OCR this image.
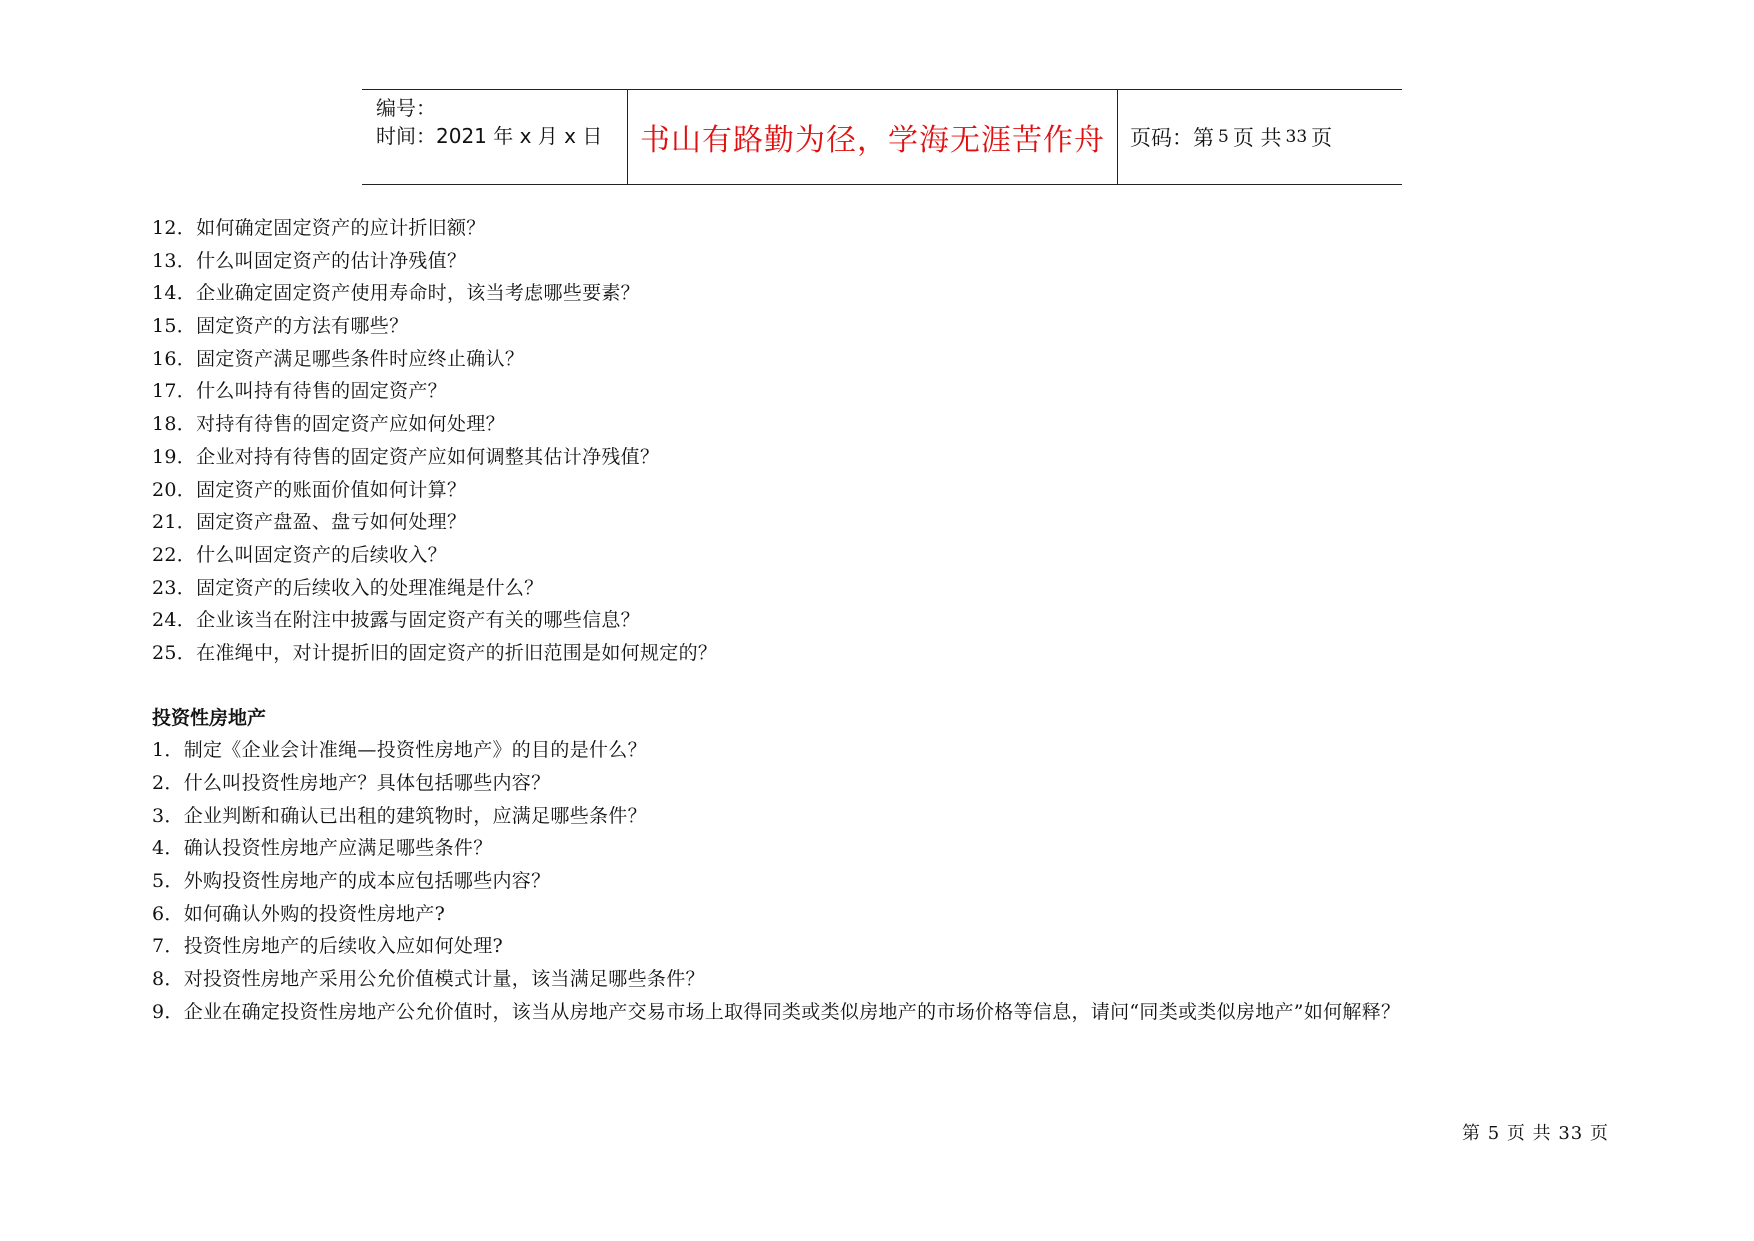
编号：
时间：2021 年 x 月 x 日	书山有路勤为径，学海无涯苦作舟	页码：第 5 页 共 33 页
12．如何确定固定资产的应计折旧额？
13．什么叫固定资产的估计净残值？
14．企业确定固定资产使用寿命时，该当考虑哪些要素？
15．固定资产的方法有哪些？
16．固定资产满足哪些条件时应终止确认？
17．什么叫持有待售的固定资产？
18．对持有待售的固定资产应如何处理？
19．企业对持有待售的固定资产应如何调整其估计净残值？
20．固定资产的账面价值如何计算？
21．固定资产盘盈、盘亏如何处理？
22．什么叫固定资产的后续收入？
23．固定资产的后续收入的处理准绳是什么？
24．企业该当在附注中披露与固定资产有关的哪些信息？
25．在准绳中，对计提折旧的固定资产的折旧范围是如何规定的？
投资性房地产
1．制定《企业会计准绳—投资性房地产》的目的是什么？
2．什么叫投资性房地产？具体包括哪些内容？
3．企业判断和确认已出租的建筑物时，应满足哪些条件？
4．确认投资性房地产应满足哪些条件？
5．外购投资性房地产的成本应包括哪些内容？
6．如何确认外购的投资性房地产?
7．投资性房地产的后续收入应如何处理?
8．对投资性房地产采用公允价值模式计量，该当满足哪些条件？
9．企业在确定投资性房地产公允价值时，该当从房地产交易市场上取得同类或类似房地产的市场价格等信息，请问“同类或类似房地产”如何解释？
第 5 页 共 33 页
